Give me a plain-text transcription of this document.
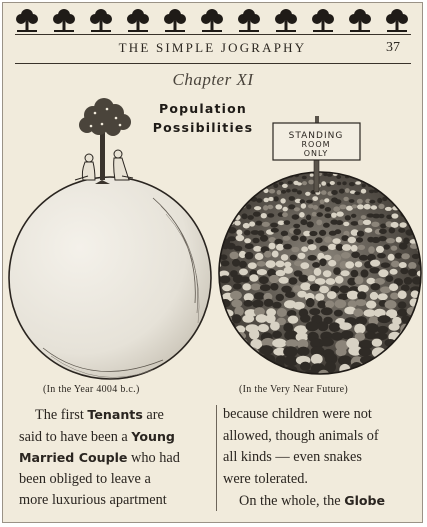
THE SIMPLE JOGRAPHY	37
Chapter XI
STANDING
ROOM
ONLY
Population
Possibilities
(In the Year 4004 b.c.)	(In the Very Near Future)
The first Tenants are
said to have been a Young
Married Couple who had
been obliged to leave a
more luxurious apartment
because children were not
allowed, though animals of
all kinds — even snakes
were tolerated.
On the whole, the Globe
